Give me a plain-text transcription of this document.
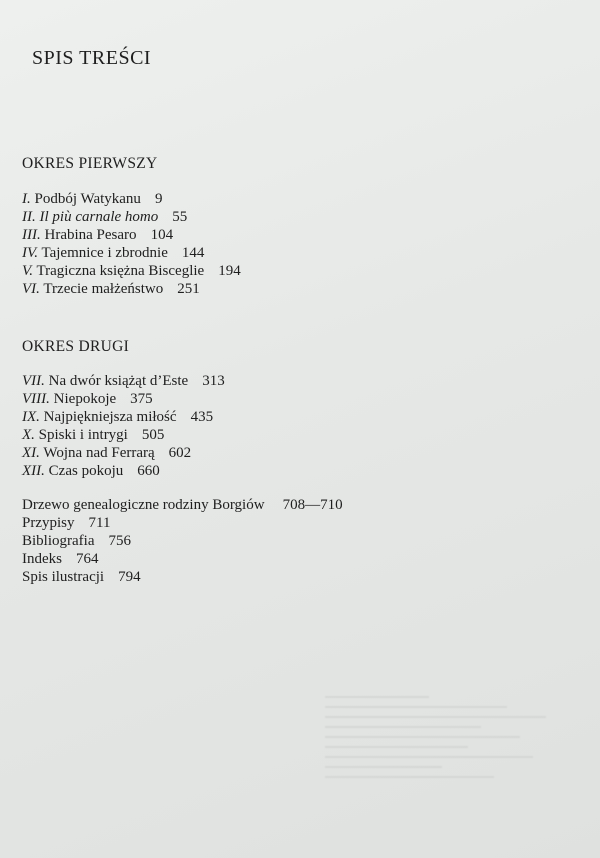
SPIS TREŚCI
OKRES PIERWSZY
I. Podbój Watykanu 9
II. Il più carnale homo 55
III. Hrabina Pesaro 104
IV. Tajemnice i zbrodnie 144
V. Tragiczna księżna Bisceglie 194
VI. Trzecie małżeństwo 251
OKRES DRUGI
VII. Na dwór książąt d’Este 313
VIII. Niepokoje 375
IX. Najpiękniejsza miłość 435
X. Spiski i intrygi 505
XI. Wojna nad Ferrarą 602
XII. Czas pokoju 660
Drzewo genealogiczne rodziny Borgiów 708—710
Przypisy 711
Bibliografia 756
Indeks 764
Spis ilustracji 794
